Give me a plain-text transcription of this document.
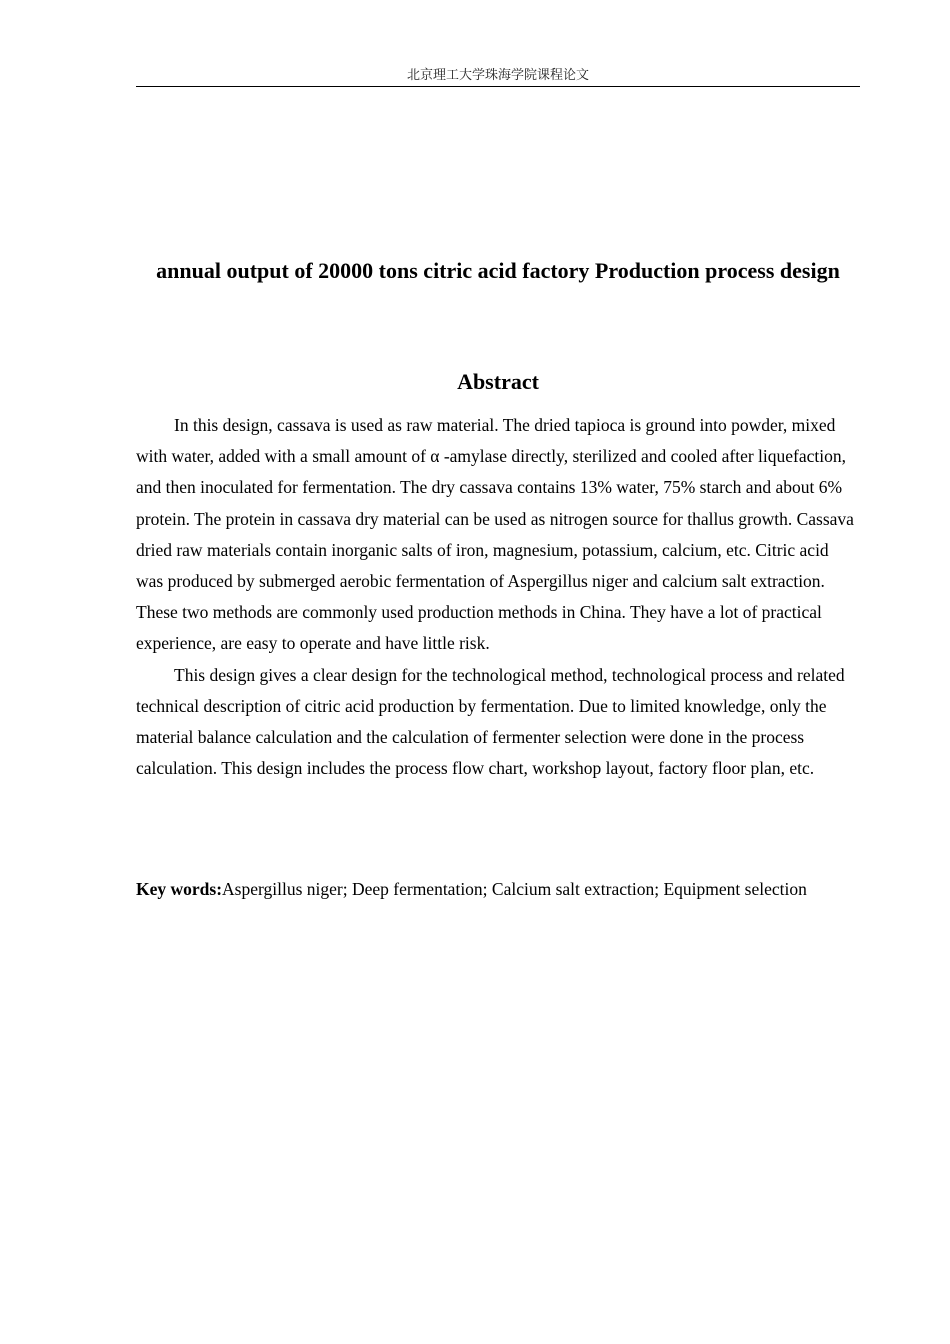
北京理工大学珠海学院课程论文
annual output of 20000 tons citric acid factory Production process design
Abstract

In this design, cassava is used as raw material. The dried tapioca is ground into powder, mixed with water, added with a small amount of α -amylase directly, sterilized and cooled after liquefaction, and then inoculated for fermentation. The dry cassava contains 13% water, 75% starch and about 6% protein. The protein in cassava dry material can be used as nitrogen source for thallus growth. Cassava dried raw materials contain inorganic salts of iron, magnesium, potassium, calcium, etc. Citric acid was produced by submerged aerobic fermentation of Aspergillus niger and calcium salt extraction. These two methods are commonly used production methods in China. They have a lot of practical experience, are easy to operate and have little risk.

This design gives a clear design for the technological method, technological process and related technical description of citric acid production by fermentation. Due to limited knowledge, only the material balance calculation and the calculation of fermenter selection were done in the process calculation. This design includes the process flow chart, workshop layout, factory floor plan, etc.

Key words:Aspergillus niger; Deep fermentation; Calcium salt extraction; Equipment selection
